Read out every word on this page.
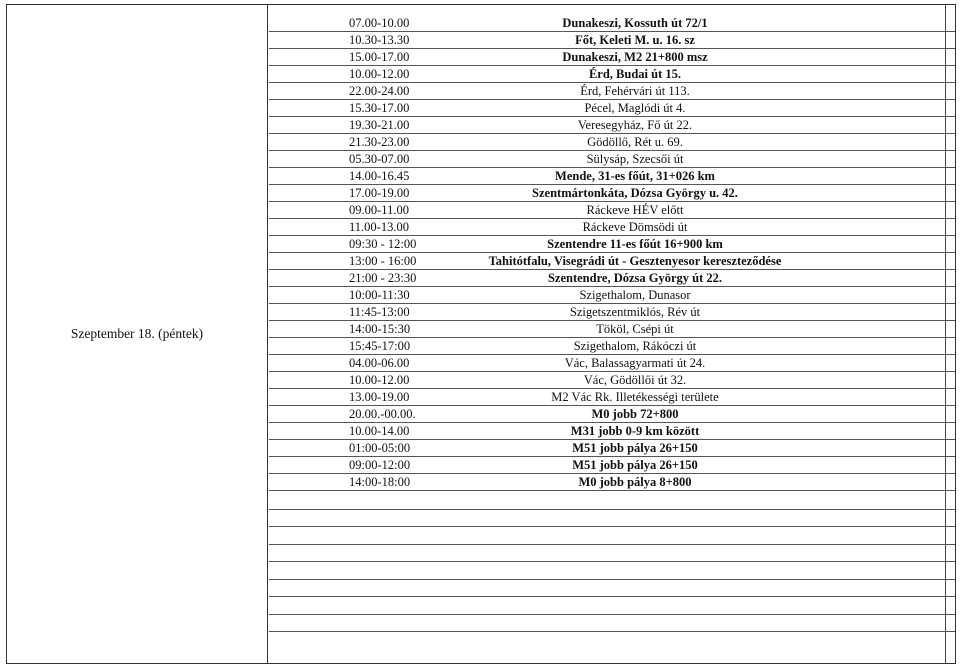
Szeptember 18. (péntek)
07.00-10.00	Dunakeszi, Kossuth út 72/1
10.30-13.30	Főt, Keleti M. u. 16. sz
15.00-17.00	Dunakeszi, M2 21+800 msz
10.00-12.00	Érd, Budai út 15.
22.00-24.00	Érd, Fehérvári út 113.
15.30-17.00	Pécel, Maglódi út 4.
19.30-21.00	Veresegyház, Fő út 22.
21.30-23.00	Gödöllő, Rét u. 69.
05.30-07.00	Sülysáp, Szecsői út
14.00-16.45	Mende, 31-es főút, 31+026 km
17.00-19.00	Szentmártonkáta, Dózsa György u. 42.
09.00-11.00	Ráckeve HÉV előtt
11.00-13.00	Ráckeve Dömsödi út
09:30 - 12:00	Szentendre 11-es főút 16+900 km
13:00 - 16:00	Tahitótfalu, Visegrádi út - Gesztenyesor kereszteződése
21:00 - 23:30	Szentendre, Dózsa György út 22.
10:00-11:30	Szigethalom, Dunasor
11:45-13:00	Szigetszentmiklós, Rév út
14:00-15:30	Tököl, Csépi út
15:45-17:00	Szigethalom, Rákóczi út
04.00-06.00	Vác, Balassagyarmati út 24.
10.00-12.00	Vác, Gödöllői út 32.
13.00-19.00	M2 Vác Rk. Illetékességi területe
20.00.-00.00.	M0 jobb 72+800
10.00-14.00	M31 jobb 0-9 km között
01:00-05:00	M51 jobb pálya 26+150
09:00-12:00	M51 jobb pálya 26+150
14:00-18:00	M0 jobb pálya 8+800
